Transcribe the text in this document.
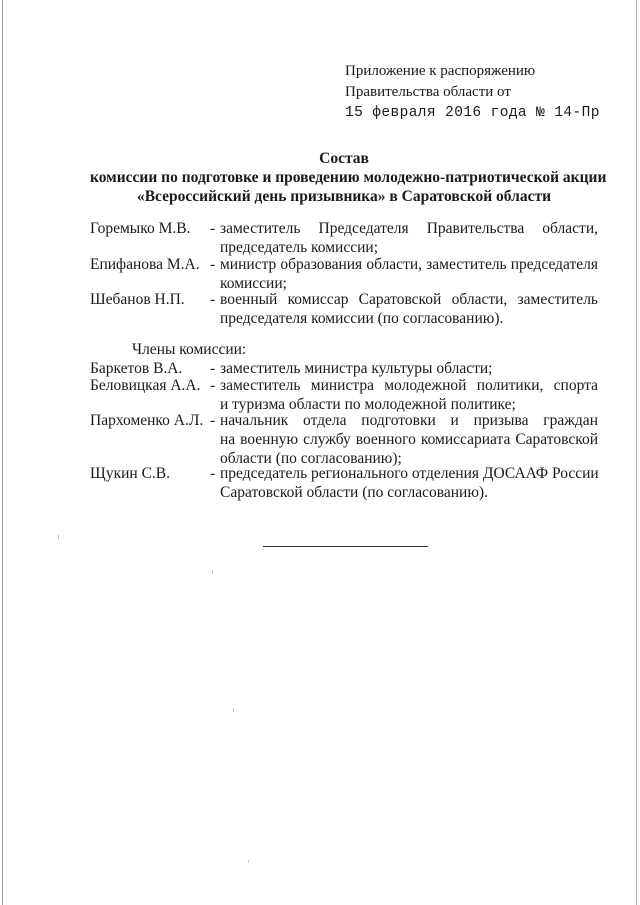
Приложение к распоряжению
Правительства области от
15 февраля 2016 года № 14-Пр
Состав
комиссии по подготовке и проведению молодежно-патриотической акции
«Всероссийский день призывника» в Саратовской области
Горемыко М.В. - заместитель Председателя Правительства области,
председатель комиссии;
Епифанова М.А. - министр образования области, заместитель председателя
комиссии;
Шебанов Н.П. - военный комиссар Саратовской области, заместитель
председателя комиссии (по согласованию).
Члены комиссии:
Баркетов В.А. - заместитель министра культуры области;
Беловицкая А.А. - заместитель министра молодежной политики, спорта
и туризма области по молодежной политике;
Пархоменко А.Л. - начальник отдела подготовки и призыва граждан
на военную службу военного комиссариата Саратовской
области (по согласованию);
Щукин С.В.	- председатель регионального отделения ДОСААФ России
Саратовской области (по согласованию).
